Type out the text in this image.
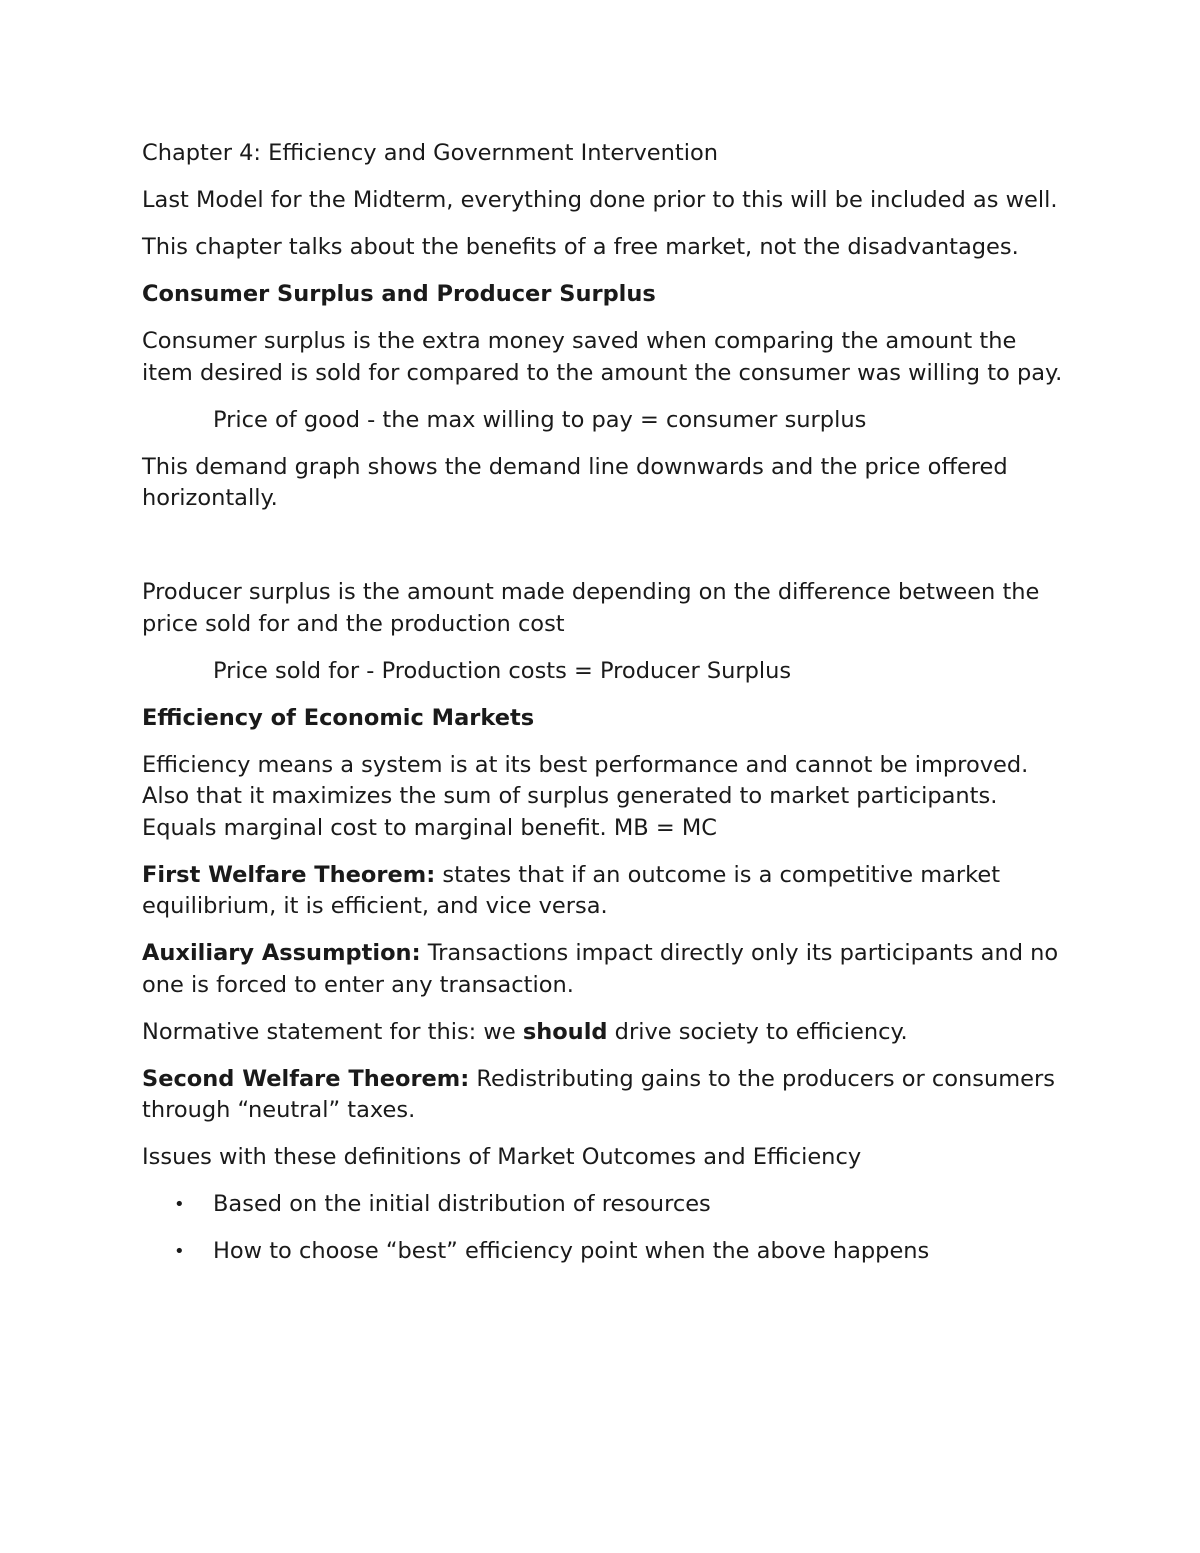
Chapter 4: Efficiency and Government Intervention

Last Model for the Midterm, everything done prior to this will be included as well.

This chapter talks about the benefits of a free market, not the disadvantages.

Consumer Surplus and Producer Surplus

Consumer surplus is the extra money saved when comparing the amount the item desired is sold for compared to the amount the consumer was willing to pay.

Price of good - the max willing to pay = consumer surplus

This demand graph shows the demand line downwards and the price offered horizontally.

Producer surplus is the amount made depending on the difference between the price sold for and the production cost

Price sold for - Production costs = Producer Surplus

Efficiency of Economic Markets

Efficiency means a system is at its best performance and cannot be improved. Also that it maximizes the sum of surplus generated to market participants. Equals marginal cost to marginal benefit. MB = MC

First Welfare Theorem: states that if an outcome is a competitive market equilibrium, it is efficient, and vice versa.

Auxiliary Assumption: Transactions impact directly only its participants and no one is forced to enter any transaction.

Normative statement for this: we should drive society to efficiency.

Second Welfare Theorem: Redistributing gains to the producers or consumers through “neutral” taxes.

Issues with these definitions of Market Outcomes and Efficiency

• Based on the initial distribution of resources
• How to choose “best” efficiency point when the above happens
